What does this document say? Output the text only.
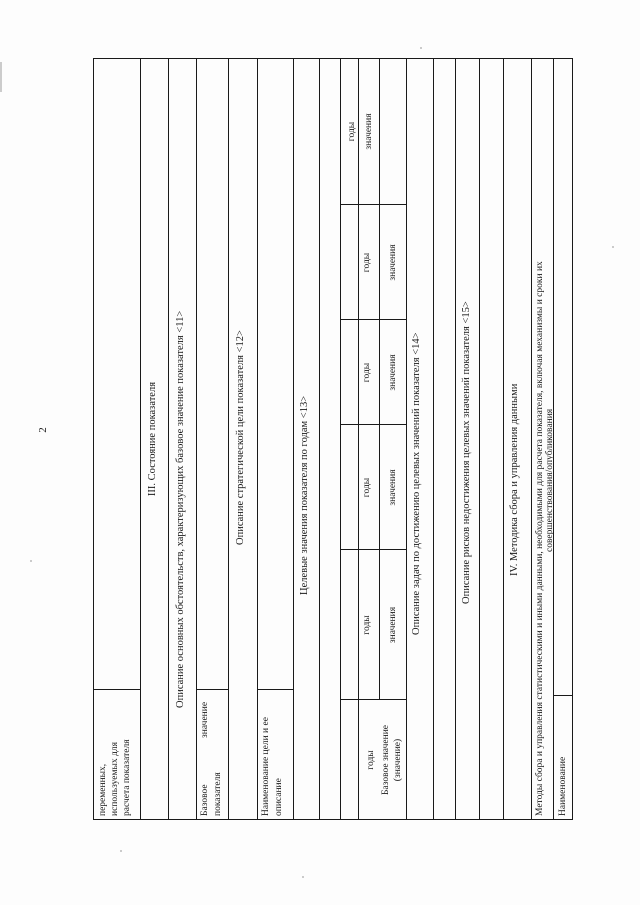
2
переменных, используемых для расчета показателя
III. Состояние показателя Описание основных обстоятельств, характеризующих базовое значение показателя <11>
Базовое показателя
значение
Описание стратегической цели показателя <12>
Наименование цели и ее описание
Целевые значения показателя по годам <13>
годы
годы
годы
годы
годы
годы
Базовое значение (значение)
значения
значения
значения
значения
значения
Описание задач по достижению целевых значений показателя <14>	Описание рисков недостижения целевых значений показателя <15>	IV. Методика сбора и управления данными Методы сбора и управления статистическими и иными данными, необходимыми для расчета показателя, включая механизмы и сроки их совершенствования/опубликования
Наименование
